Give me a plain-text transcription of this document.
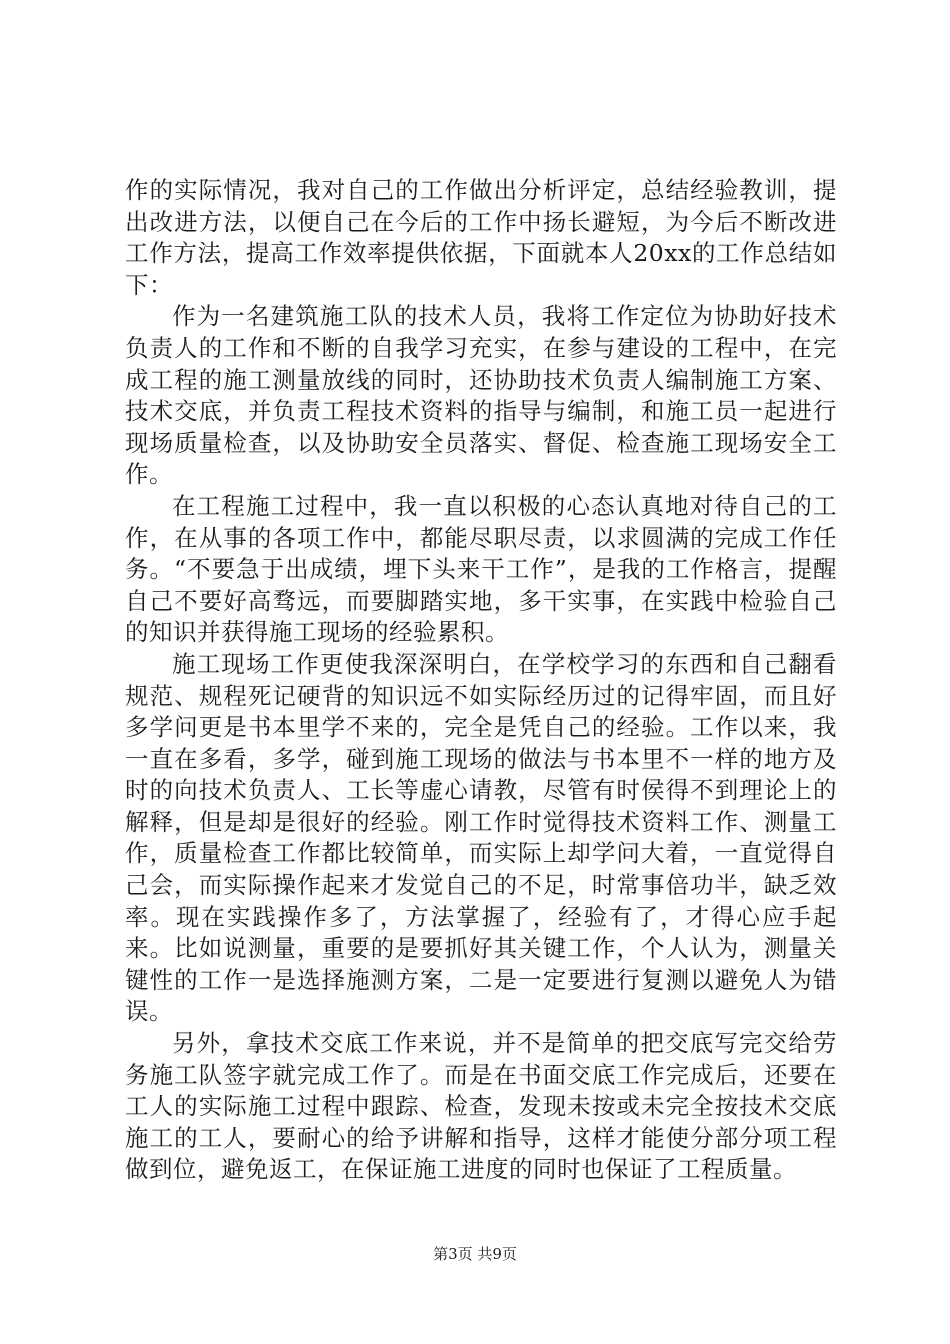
作的实际情况，我对自己的工作做出分析评定，总结经验教训，提出改进方法，以便自己在今后的工作中扬长避短，为今后不断改进工作方法，提高工作效率提供依据，下面就本人20xx的工作总结如下：

作为一名建筑施工队的技术人员，我将工作定位为协助好技术负责人的工作和不断的自我学习充实，在参与建设的工程中，在完成工程的施工测量放线的同时，还协助技术负责人编制施工方案、技术交底，并负责工程技术资料的指导与编制，和施工员一起进行现场质量检查，以及协助安全员落实、督促、检查施工现场安全工作。

在工程施工过程中，我一直以积极的心态认真地对待自己的工作，在从事的各项工作中，都能尽职尽责，以求圆满的完成工作任务。“不要急于出成绩，埋下头来干工作”，是我的工作格言，提醒自己不要好高骛远，而要脚踏实地，多干实事，在实践中检验自己的知识并获得施工现场的经验累积。

施工现场工作更使我深深明白，在学校学习的东西和自己翻看规范、规程死记硬背的知识远不如实际经历过的记得牢固，而且好多学问更是书本里学不来的，完全是凭自己的经验。工作以来，我一直在多看，多学，碰到施工现场的做法与书本里不一样的地方及时的向技术负责人、工长等虚心请教，尽管有时侯得不到理论上的解释，但是却是很好的经验。刚工作时觉得技术资料工作、测量工作，质量检查工作都比较简单，而实际上却学问大着，一直觉得自己会，而实际操作起来才发觉自己的不足，时常事倍功半，缺乏效率。现在实践操作多了，方法掌握了，经验有了，才得心应手起来。比如说测量，重要的是要抓好其关键工作，个人认为，测量关键性的工作一是选择施测方案，二是一定要进行复测以避免人为错误。

另外，拿技术交底工作来说，并不是简单的把交底写完交给劳务施工队签字就完成工作了。而是在书面交底工作完成后，还要在工人的实际施工过程中跟踪、检查，发现未按或未完全按技术交底施工的工人，要耐心的给予讲解和指导，这样才能使分部分项工程做到位，避免返工，在保证施工进度的同时也保证了工程质量。

第3页 共9页
